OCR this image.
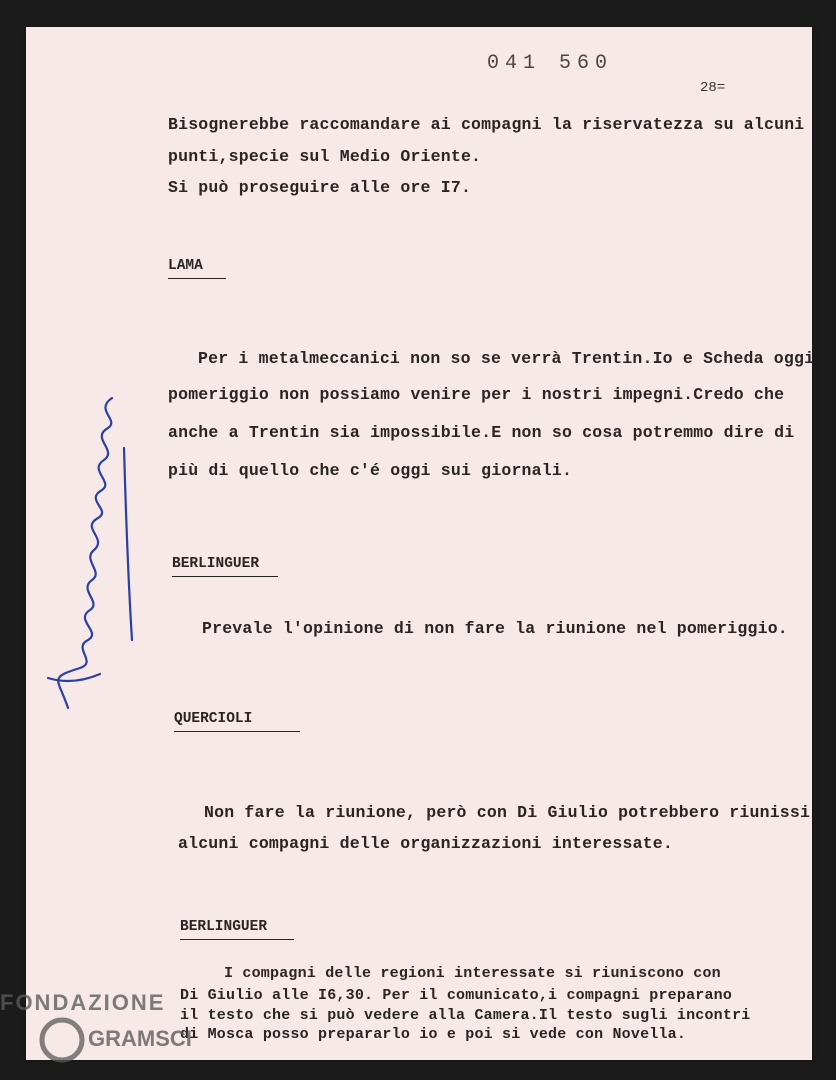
041 560
28=
Bisognerebbe raccomandare ai compagni la riservatezza su alcuni
punti,specie sul Medio Oriente.
Si può proseguire alle ore I7.
LAMA
Per i metalmeccanici non so se verrà Trentin.Io e Scheda oggi
pomeriggio non possiamo venire per i nostri impegni.Credo che
anche a Trentin sia impossibile.E non so cosa potremmo dire di
più di quello che c'é oggi sui giornali.
BERLINGUER
Prevale l'opinione di non fare la riunione nel pomeriggio.
QUERCIOLI
Non fare la riunione, però con Di Giulio potrebbero riunissi
alcuni compagni delle organizzazioni interessate.
BERLINGUER
I compagni delle regioni interessate si riuniscono con
Di Giulio alle I6,30. Per il comunicato,i compagni preparano
il testo che si può vedere alla Camera.Il testo sugli incontri
di Mosca posso prepararlo io e poi si vede con Novella.
FONDAZIONE
GRAMSCI
